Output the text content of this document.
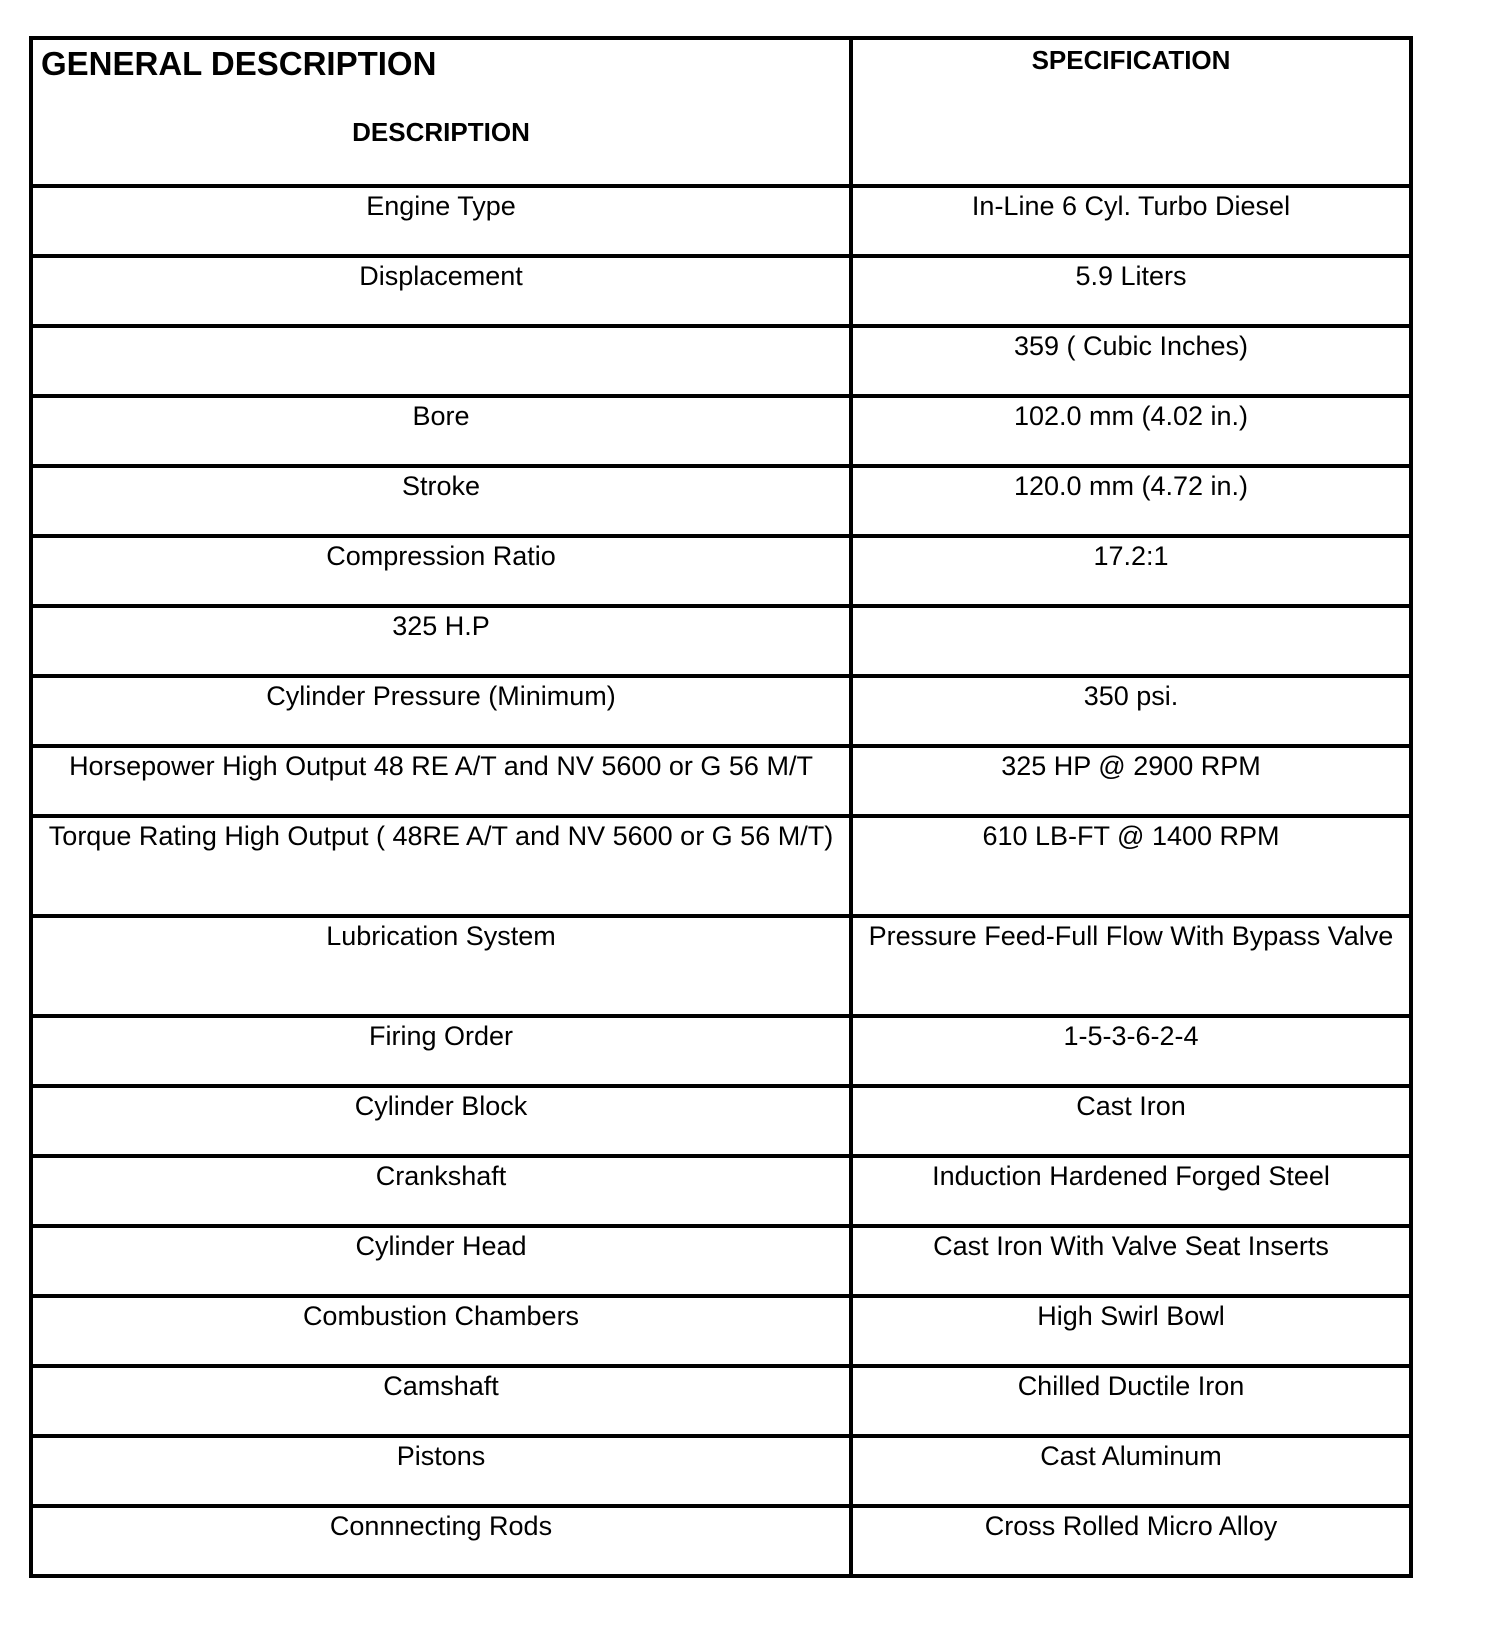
GENERAL DESCRIPTION
DESCRIPTION	SPECIFICATION

Engine Type	In-Line 6 Cyl. Turbo Diesel

Displacement	5.9 Liters

	359 ( Cubic Inches)

Bore	102.0 mm (4.02 in.)

Stroke	120.0 mm (4.72 in.)

Compression Ratio	17.2:1

325 H.P	

Cylinder Pressure (Minimum)	350 psi.

Horsepower High Output 48 RE A/T and NV 5600 or G 56 M/T	325 HP @ 2900 RPM

Torque Rating High Output ( 48RE A/T and NV 5600 or G 56 M/T)	610 LB-FT @ 1400 RPM

Lubrication System	Pressure Feed-Full Flow With Bypass Valve

Firing Order	1-5-3-6-2-4

Cylinder Block	Cast Iron

Crankshaft	Induction Hardened Forged Steel

Cylinder Head	Cast Iron With Valve Seat Inserts

Combustion Chambers	High Swirl Bowl

Camshaft	Chilled Ductile Iron

Pistons	Cast Aluminum

Connnecting Rods	Cross Rolled Micro Alloy
